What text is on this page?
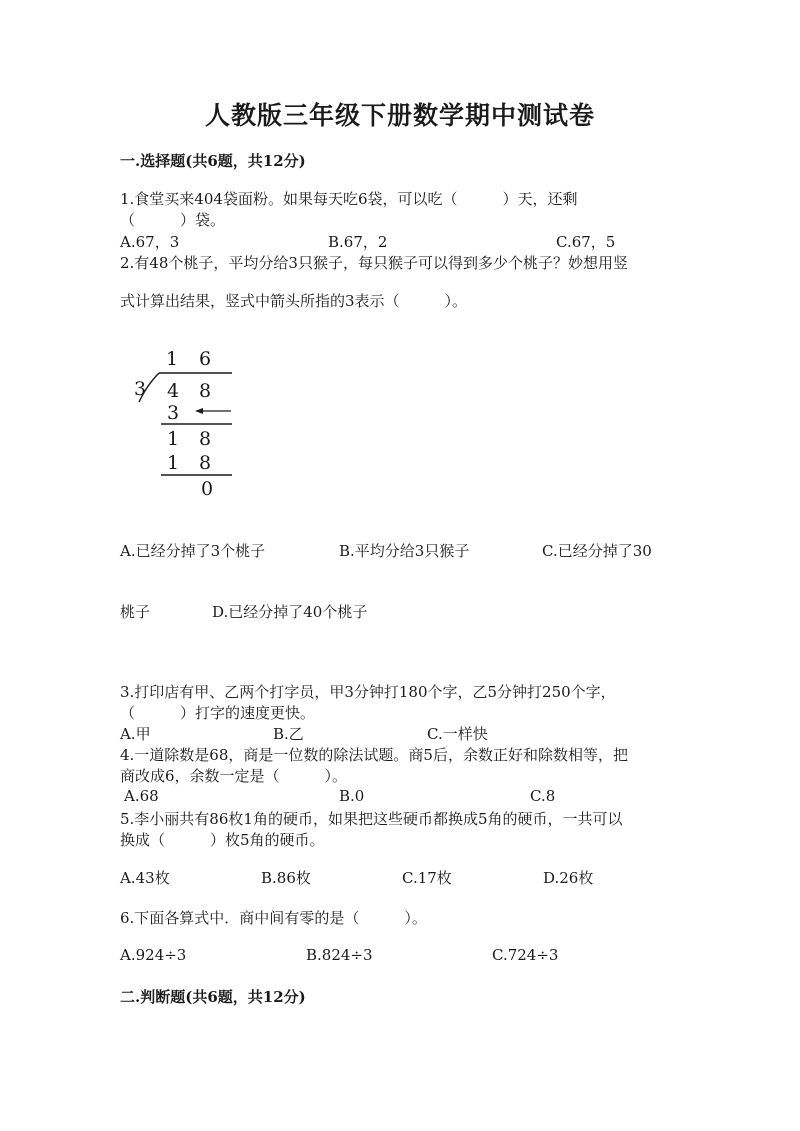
人教版三年级下册数学期中测试卷
一.选择题(共6题，共12分)
1.食堂买来404袋面粉。如果每天吃6袋，可以吃（　　　）天，还剩
（　　　）袋。
A.67，3	B.67，2	C.67，5
2.有48个桃子，平均分给3只猴子，每只猴子可以得到多少个桃子？妙想用竖
式计算出结果，竖式中箭头所指的3表示（　　　）。
1 6
3 4 8
3
1 8
1 8
0
A.已经分掉了3个桃子	B.平均分给3只猴子	C.已经分掉了30
桃子	D.已经分掉了40个桃子
3.打印店有甲、乙两个打字员，甲3分钟打180个字，乙5分钟打250个字，
（　　　）打字的速度更快。
A.甲	B.乙	C.一样快
4.一道除数是68，商是一位数的除法试题。商5后，余数正好和除数相等，把
商改成6，余数一定是（　　　）。
A.68	B.0	C.8
5.李小丽共有86枚1角的硬币，如果把这些硬币都换成5角的硬币，一共可以
换成（　　　）枚5角的硬币。
A.43枚	B.86枚	C.17枚	D.26枚
6.下面各算式中．商中间有零的是（　　　）。
A.924÷3	B.824÷3	C.724÷3
二.判断题(共6题，共12分)
